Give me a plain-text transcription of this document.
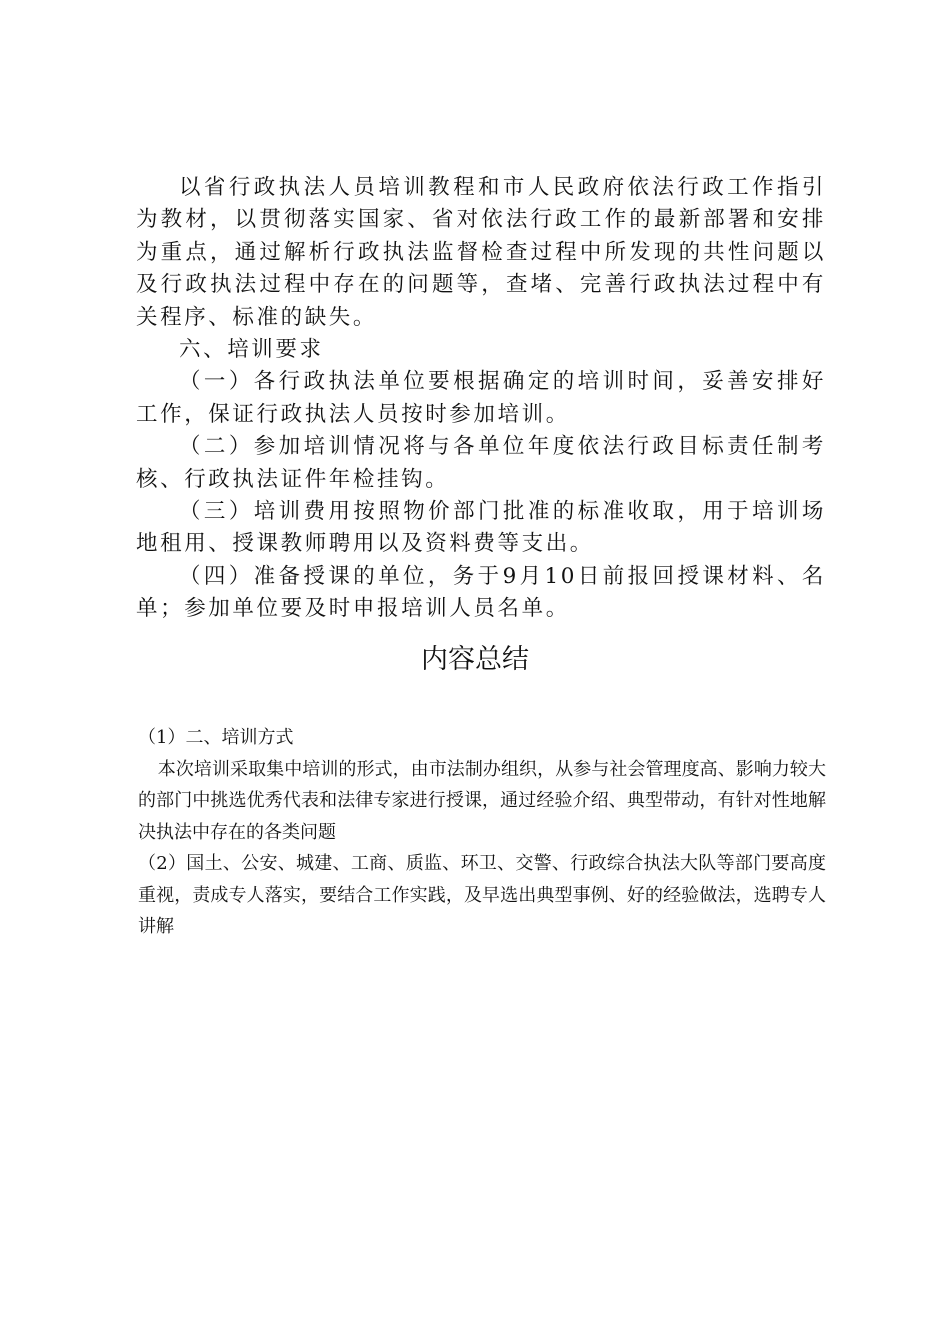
以省行政执法人员培训教程和市人民政府依法行政工作指引为教材，以贯彻落实国家、省对依法行政工作的最新部署和安排为重点，通过解析行政执法监督检查过程中所发现的共性问题以及行政执法过程中存在的问题等，查堵、完善行政执法过程中有关程序、标准的缺失。

六、培训要求

（一）各行政执法单位要根据确定的培训时间，妥善安排好工作，保证行政执法人员按时参加培训。

（二）参加培训情况将与各单位年度依法行政目标责任制考核、行政执法证件年检挂钩。

（三）培训费用按照物价部门批准的标准收取，用于培训场地租用、授课教师聘用以及资料费等支出。

（四）准备授课的单位，务于9月10日前报回授课材料、名单；参加单位要及时申报培训人员名单。

内容总结

（1）二、培训方式

本次培训采取集中培训的形式，由市法制办组织，从参与社会管理度高、影响力较大的部门中挑选优秀代表和法律专家进行授课，通过经验介绍、典型带动，有针对性地解决执法中存在的各类问题

（2）国土、公安、城建、工商、质监、环卫、交警、行政综合执法大队等部门要高度重视，责成专人落实，要结合工作实践，及早选出典型事例、好的经验做法，选聘专人讲解
